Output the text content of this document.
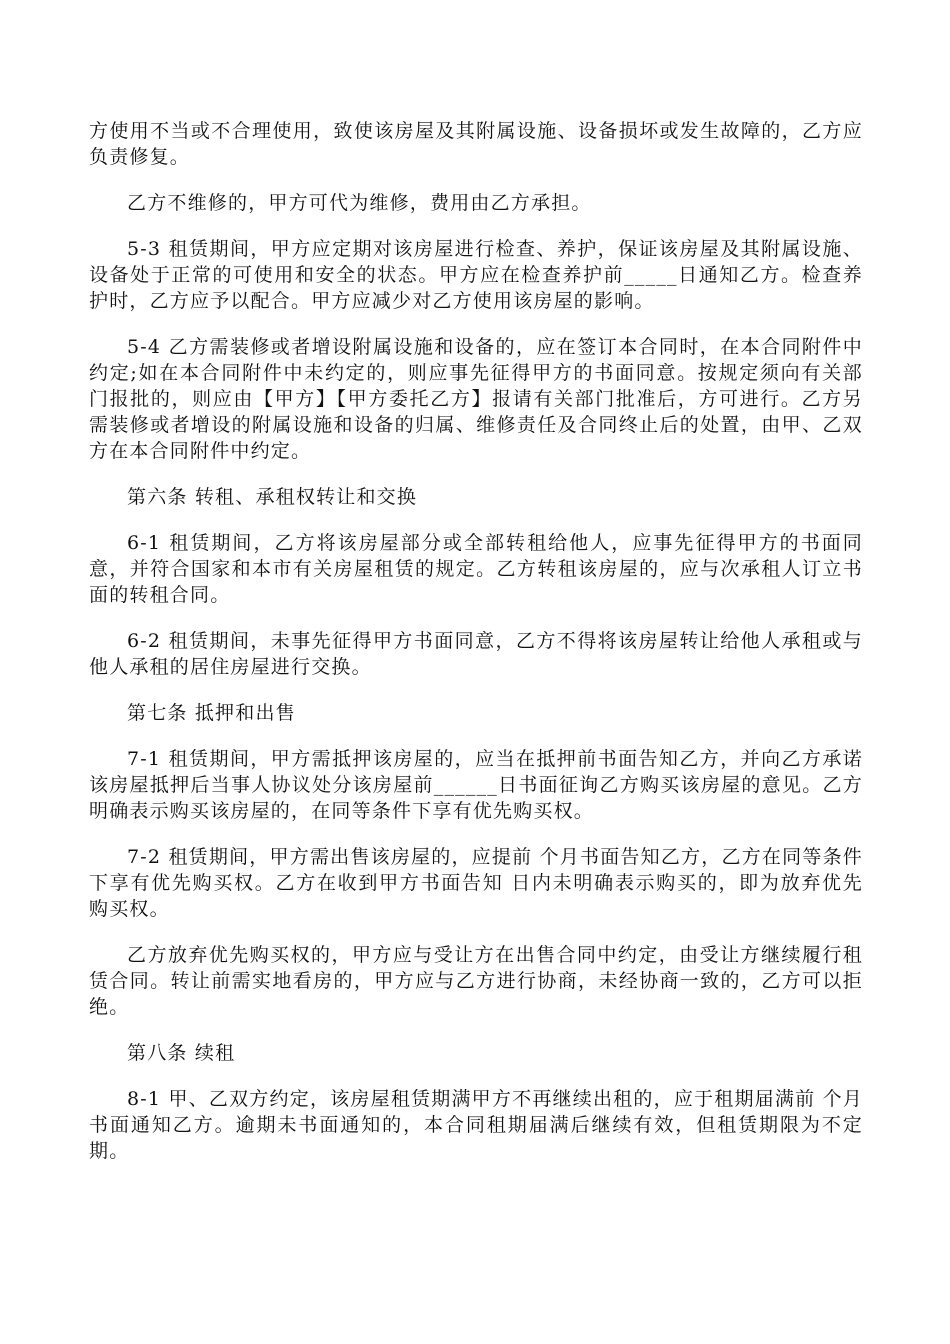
方使用不当或不合理使用，致使该房屋及其附属设施、设备损坏或发生故障的，乙方应负责修复。

乙方不维修的，甲方可代为维修，费用由乙方承担。

5-3 租赁期间，甲方应定期对该房屋进行检查、养护，保证该房屋及其附属设施、设备处于正常的可使用和安全的状态。甲方应在检查养护前_____日通知乙方。检查养护时，乙方应予以配合。甲方应减少对乙方使用该房屋的影响。

5-4 乙方需装修或者增设附属设施和设备的，应在签订本合同时，在本合同附件中约定;如在本合同附件中未约定的，则应事先征得甲方的书面同意。按规定须向有关部门报批的，则应由【甲方】【甲方委托乙方】报请有关部门批准后，方可进行。乙方另需装修或者增设的附属设施和设备的归属、维修责任及合同终止后的处置，由甲、乙双方在本合同附件中约定。

第六条 转租、承租权转让和交换

6-1 租赁期间，乙方将该房屋部分或全部转租给他人，应事先征得甲方的书面同意，并符合国家和本市有关房屋租赁的规定。乙方转租该房屋的，应与次承租人订立书面的转租合同。

6-2 租赁期间，未事先征得甲方书面同意，乙方不得将该房屋转让给他人承租或与他人承租的居住房屋进行交换。

第七条 抵押和出售

7-1 租赁期间，甲方需抵押该房屋的，应当在抵押前书面告知乙方，并向乙方承诺该房屋抵押后当事人协议处分该房屋前______日书面征询乙方购买该房屋的意见。乙方明确表示购买该房屋的，在同等条件下享有优先购买权。

7-2 租赁期间，甲方需出售该房屋的，应提前 个月书面告知乙方，乙方在同等条件下享有优先购买权。乙方在收到甲方书面告知 日内未明确表示购买的，即为放弃优先购买权。

乙方放弃优先购买权的，甲方应与受让方在出售合同中约定，由受让方继续履行租赁合同。转让前需实地看房的，甲方应与乙方进行协商，未经协商一致的，乙方可以拒绝。

第八条 续租

8-1 甲、乙双方约定，该房屋租赁期满甲方不再继续出租的，应于租期届满前 个月书面通知乙方。逾期未书面通知的，本合同租期届满后继续有效，但租赁期限为不定期。
